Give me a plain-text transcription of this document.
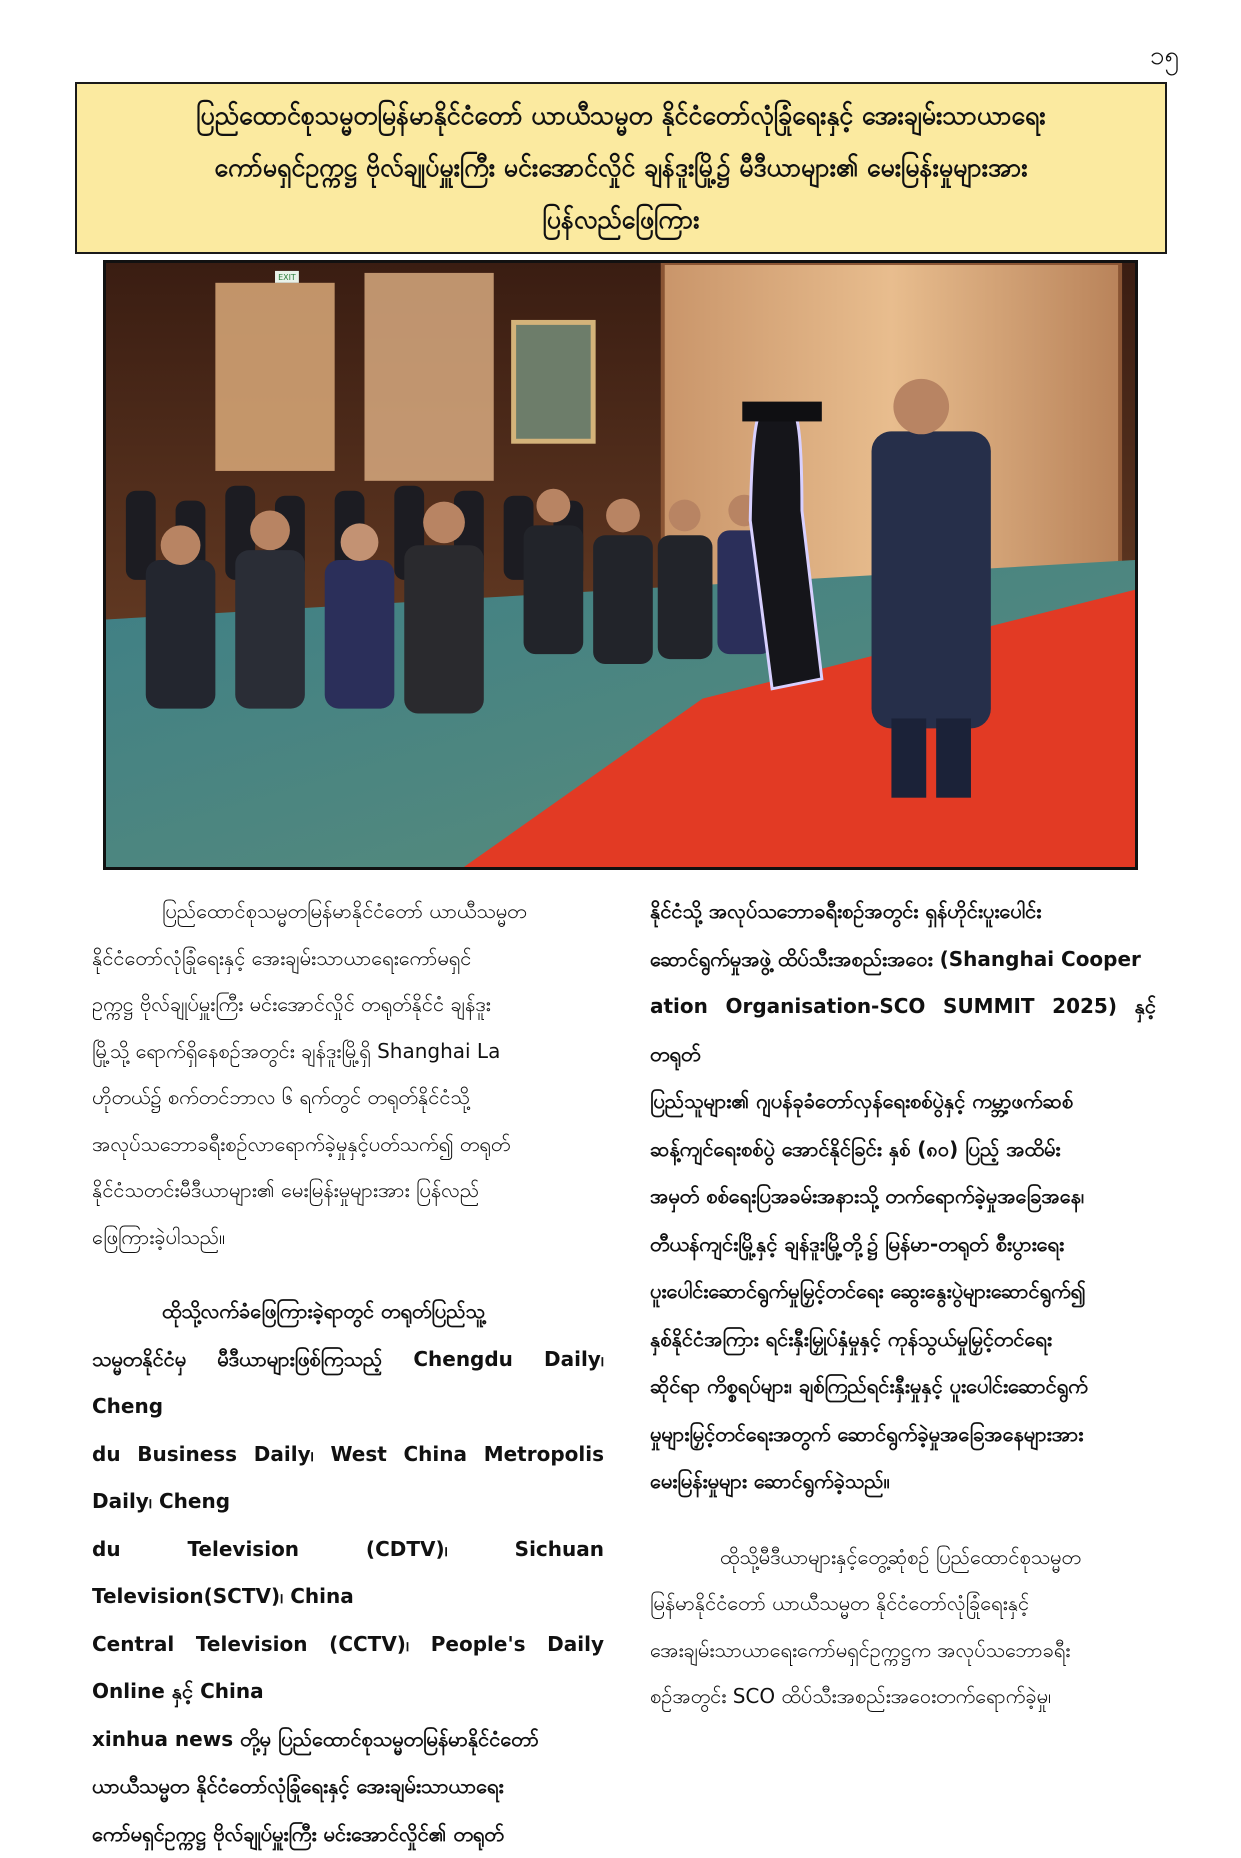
၁၅
ပြည်ထောင်စုသမ္မတမြန်မာနိုင်ငံတော် ယာယီသမ္မတ နိုင်ငံတော်လုံခြုံရေးနှင့် အေးချမ်းသာယာရေး
ကော်မရှင်ဥက္ကဋ္ဌ ဗိုလ်ချုပ်မှူးကြီး မင်းအောင်လှိုင် ချန်ဒူးမြို့၌ မီဒီယာများ၏ မေးမြန်းမှုများအား
ပြန်လည်ဖြေကြား
EXIT

ပြည်ထောင်စုသမ္မတမြန်မာနိုင်ငံတော် ယာယီသမ္မတ
နိုင်ငံတော်လုံခြုံရေးနှင့် အေးချမ်းသာယာရေးကော်မရှင်
ဥက္ကဋ္ဌ ဗိုလ်ချုပ်မှူးကြီး မင်းအောင်လှိုင် တရုတ်နိုင်ငံ ချန်ဒူး
မြို့သို့ ရောက်ရှိနေစဉ်အတွင်း ချန်ဒူးမြို့ရှိ Shanghai La
ဟိုတယ်၌ စက်တင်ဘာလ ၆ ရက်တွင် တရုတ်နိုင်ငံသို့
အလုပ်သဘောခရီးစဉ်လာရောက်ခဲ့မှုနှင့်ပတ်သက်၍ တရုတ်
နိုင်ငံသတင်းမီဒီယာများ၏ မေးမြန်းမှုများအား ပြန်လည်
ဖြေကြားခဲ့ပါသည်။

ထိုသို့လက်ခံဖြေကြားခဲ့ရာတွင် တရုတ်ပြည်သူ့
သမ္မတနိုင်ငံမှ မီဒီယာများဖြစ်ကြသည့် Chengdu Daily၊ Cheng
du Business Daily၊ West China Metropolis Daily၊ Cheng
du Television (CDTV)၊ Sichuan Television(SCTV)၊ China
Central Television (CCTV)၊ People's Daily Online နှင့် China
xinhua news တို့မှ ပြည်ထောင်စုသမ္မတမြန်မာနိုင်ငံတော်
ယာယီသမ္မတ နိုင်ငံတော်လုံခြုံရေးနှင့် အေးချမ်းသာယာရေး
ကော်မရှင်ဥက္ကဋ္ဌ ဗိုလ်ချုပ်မှူးကြီး မင်းအောင်လှိုင်၏ တရုတ်

နိုင်ငံသို့ အလုပ်သဘောခရီးစဉ်အတွင်း ရှန်ဟိုင်းပူးပေါင်း
ဆောင်ရွက်မှုအဖွဲ့ ထိပ်သီးအစည်းအဝေး (Shanghai Cooper
ation Organisation-SCO SUMMIT 2025) နှင့် တရုတ်
ပြည်သူများ၏ ဂျပန်ခုခံတော်လှန်ရေးစစ်ပွဲနှင့် ကမ္ဘာ့ဖက်ဆစ်
ဆန့်ကျင်ရေးစစ်ပွဲ အောင်နိုင်ခြင်း နှစ် (၈၀) ပြည့် အထိမ်း
အမှတ် စစ်ရေးပြအခမ်းအနားသို့ တက်ရောက်ခဲ့မှုအခြေအနေ၊
တီယန်ကျင်းမြို့နှင့် ချန်ဒူးမြို့တို့၌ မြန်မာ-တရုတ် စီးပွားရေး
ပူးပေါင်းဆောင်ရွက်မှုမြှင့်တင်ရေး ဆွေးနွေးပွဲများဆောင်ရွက်၍
နှစ်နိုင်ငံအကြား ရင်းနှီးမြှုပ်နှံမှုနှင့် ကုန်သွယ်မှုမြှင့်တင်ရေး
ဆိုင်ရာ ကိစ္စရပ်များ၊ ချစ်ကြည်ရင်းနှီးမှုနှင့် ပူးပေါင်းဆောင်ရွက်
မှုများမြှင့်တင်ရေးအတွက် ဆောင်ရွက်ခဲ့မှုအခြေအနေများအား
မေးမြန်းမှုများ ဆောင်ရွက်ခဲ့သည်။

ထိုသို့မီဒီယာများနှင့်တွေ့ဆုံစဉ် ပြည်ထောင်စုသမ္မတ
မြန်မာနိုင်ငံတော် ယာယီသမ္မတ နိုင်ငံတော်လုံခြုံရေးနှင့်
အေးချမ်းသာယာရေးကော်မရှင်ဥက္ကဋ္ဌက အလုပ်သဘောခရီး
စဉ်အတွင်း SCO ထိပ်သီးအစည်းအဝေးတက်ရောက်ခဲ့မှု၊
